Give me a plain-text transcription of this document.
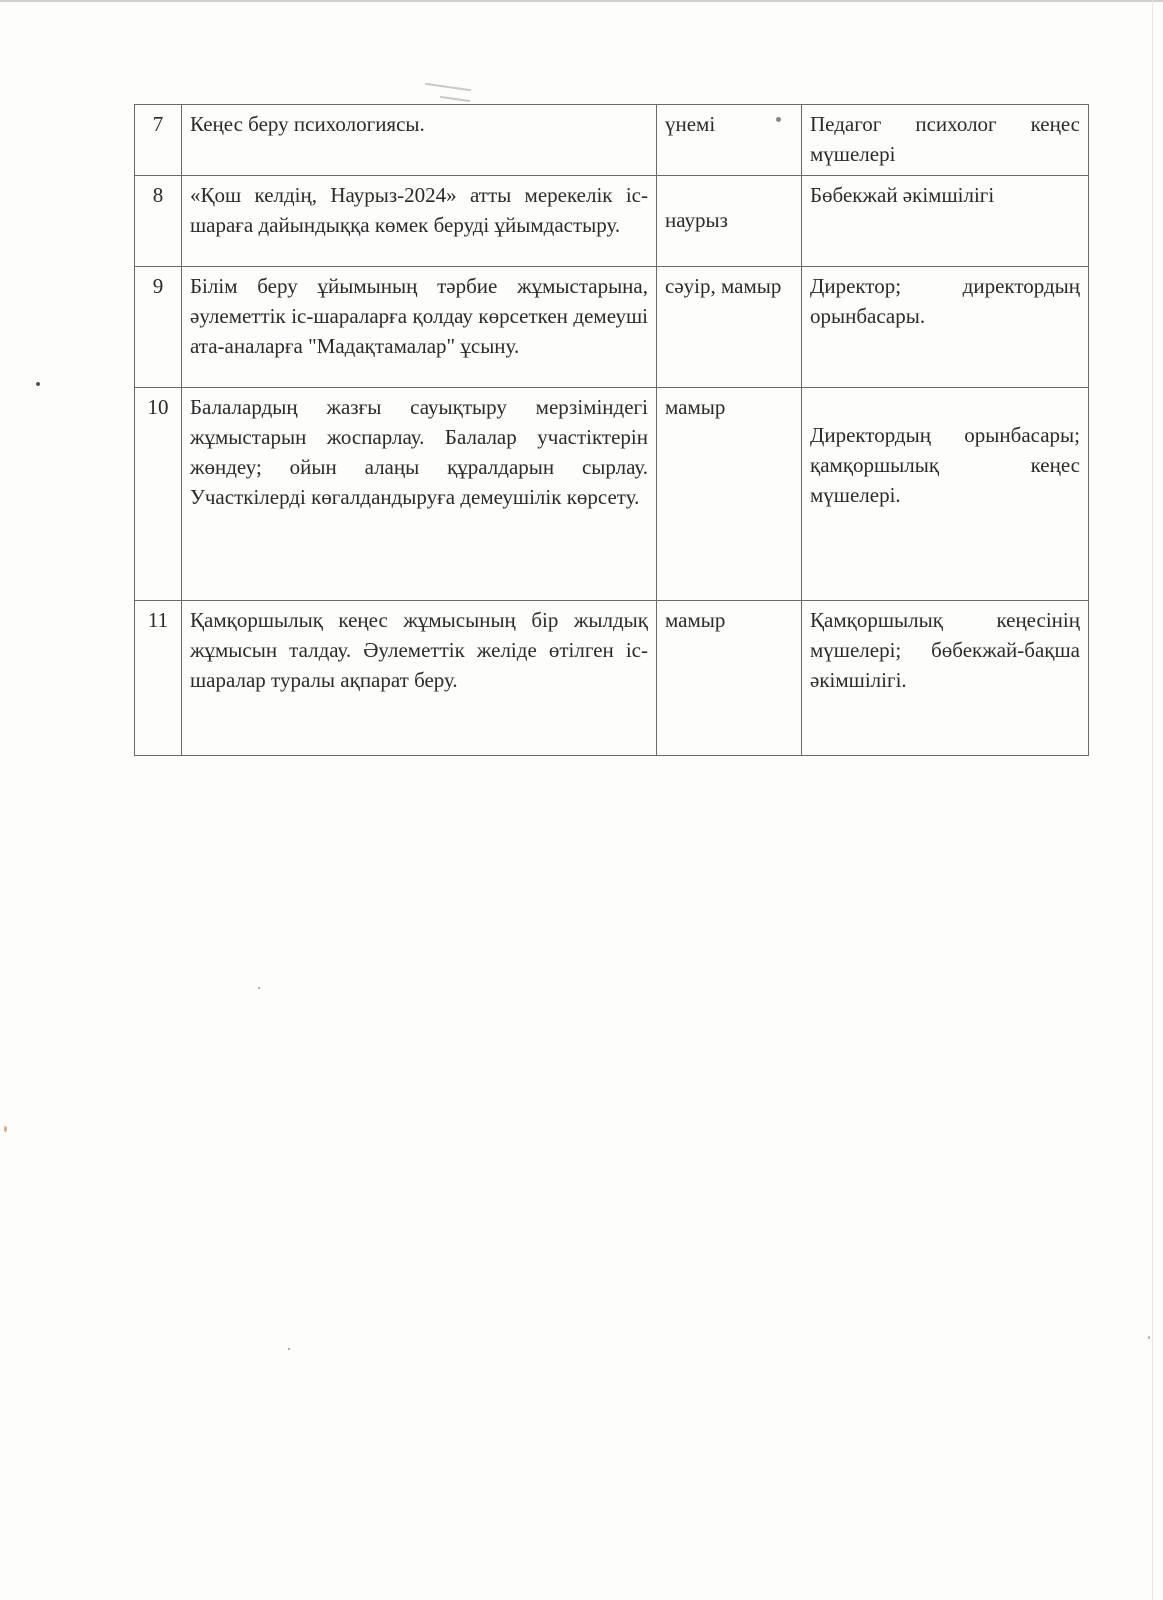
7	Кеңес беру психологиясы.	үнемі	Педагог психолог кеңес мүшелері
8	«Қош келдің, Наурыз-2024» атты мерекелік іс-шараға дайындыққа көмек беруді ұйымдастыру.	наурыз	Бөбекжай әкімшілігі
9	Білім беру ұйымының тәрбие жұмыстарына, әулеметтік іс-шараларға қолдау көрсеткен демеуші ата-аналарға "Мадақтамалар" ұсыну.	сәуір, мамыр	Директор; директордың орынбасары.
10	Балалардың жазғы сауықтыру мерзіміндегі жұмыстарын жоспарлау. Балалар участіктерін жөндеу; ойын алаңы құралдарын сырлау. Участкілерді көгалдандыруға демеушілік көрсету.	мамыр	Директордың орынбасары; қамқоршылық кеңес мүшелері.
11	Қамқоршылық кеңес жұмысының бір жылдық жұмысын талдау. Әулеметтік желіде өтілген іс-шаралар туралы ақпарат беру.	мамыр	Қамқоршылық кеңесінің мүшелері; бөбекжай-бақша әкімшілігі.
